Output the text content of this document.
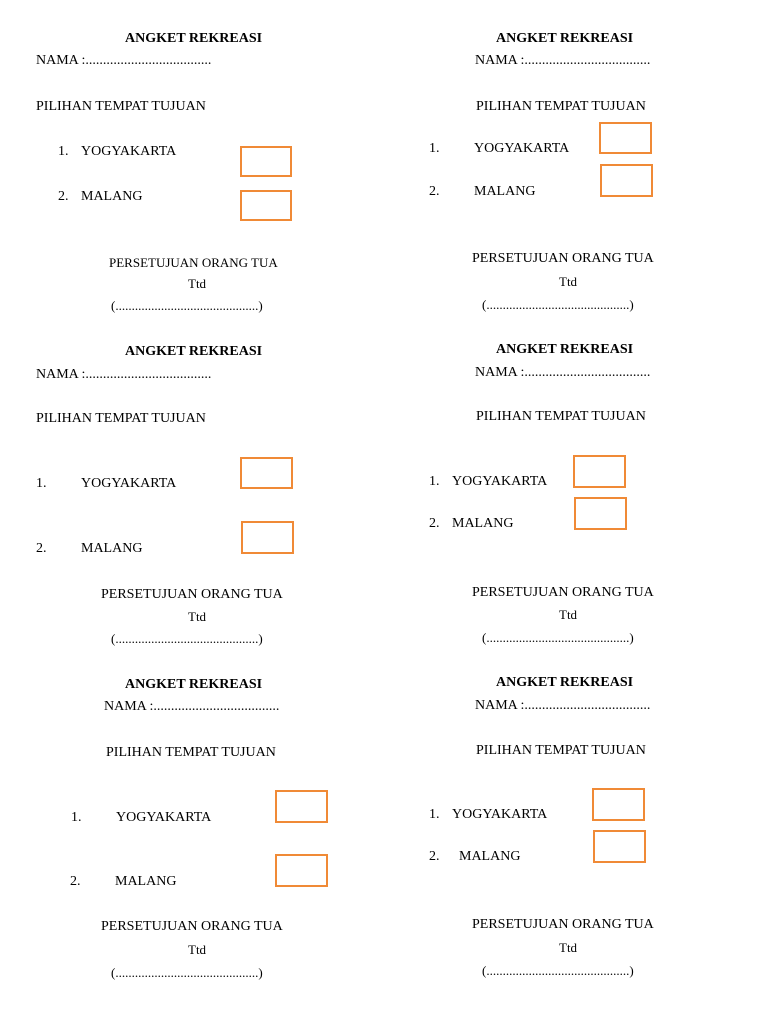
ANGKET REKREASI
NAMA :....................................
PILIHAN TEMPAT TUJUAN
1. YOGYAKARTA
2. MALANG
PERSETUJUAN ORANG TUA
Ttd
(............................................)
ANGKET REKREASI
NAMA :....................................
PILIHAN TEMPAT TUJUAN
1. YOGYAKARTA
2. MALANG
PERSETUJUAN ORANG TUA
Ttd
(............................................)
ANGKET REKREASI
NAMA :....................................
PILIHAN TEMPAT TUJUAN
1. YOGYAKARTA
2. MALANG
PERSETUJUAN ORANG TUA
Ttd
(............................................)
ANGKET REKREASI
NAMA :....................................
PILIHAN TEMPAT TUJUAN
1. YOGYAKARTA
2. MALANG
PERSETUJUAN ORANG TUA
Ttd
(............................................)
ANGKET REKREASI
NAMA :....................................
PILIHAN TEMPAT TUJUAN
1. YOGYAKARTA
2. MALANG
PERSETUJUAN ORANG TUA
Ttd
(............................................)
ANGKET REKREASI
NAMA :....................................
PILIHAN TEMPAT TUJUAN
1. YOGYAKARTA
2. MALANG
PERSETUJUAN ORANG TUA
Ttd
(............................................)
